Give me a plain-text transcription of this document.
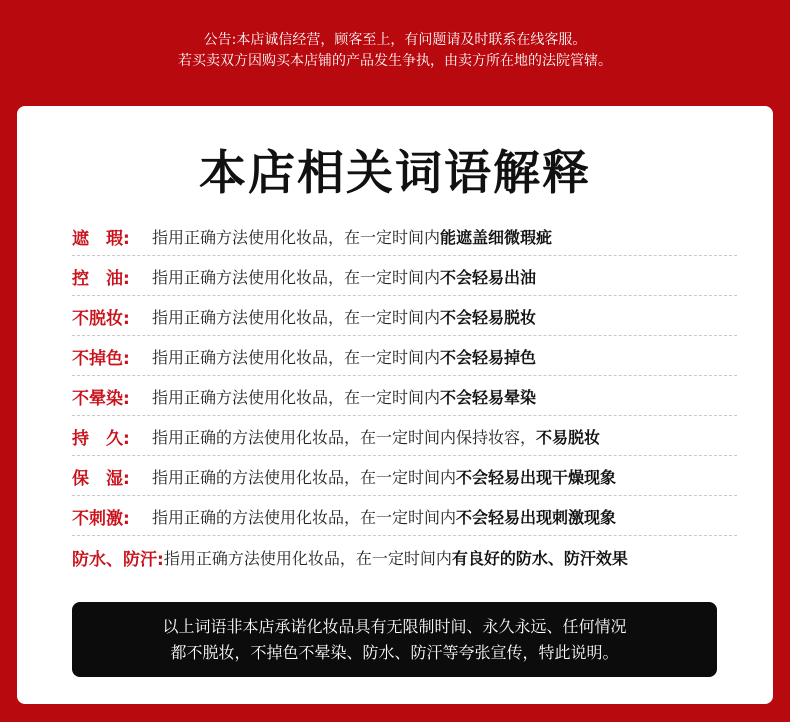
公告:本店诚信经营，顾客至上，有问题请及时联系在线客服。
若买卖双方因购买本店铺的产品发生争执，由卖方所在地的法院管辖。
本店相关词语解释
遮　瑕:	指用正确方法使用化妆品，在一定时间内 能遮盖细微瑕疵
控　油:	指用正确方法使用化妆品，在一定时间内 不会轻易出油
不脱妆:	指用正确方法使用化妆品，在一定时间内 不会轻易脱妆
不掉色:	指用正确方法使用化妆品，在一定时间内 不会轻易掉色
不晕染:	指用正确方法使用化妆品，在一定时间内 不会轻易晕染
持　久:	指用正确的方法使用化妆品，在一定时间内保持妆容， 不易脱妆
保　湿:	指用正确的方法使用化妆品，在一定时间内 不会轻易出现干燥现象
不刺激:	指用正确的方法使用化妆品，在一定时间内 不会轻易出现刺激现象
防水、防汗: 指用正确方法使用化妆品，在一定时间内 有良好的防水、防汗效果
以上词语非本店承诺化妆品具有无限制时间、永久永远、任何情况
都不脱妆，不掉色不晕染、防水、防汗等夸张宣传，特此说明。
